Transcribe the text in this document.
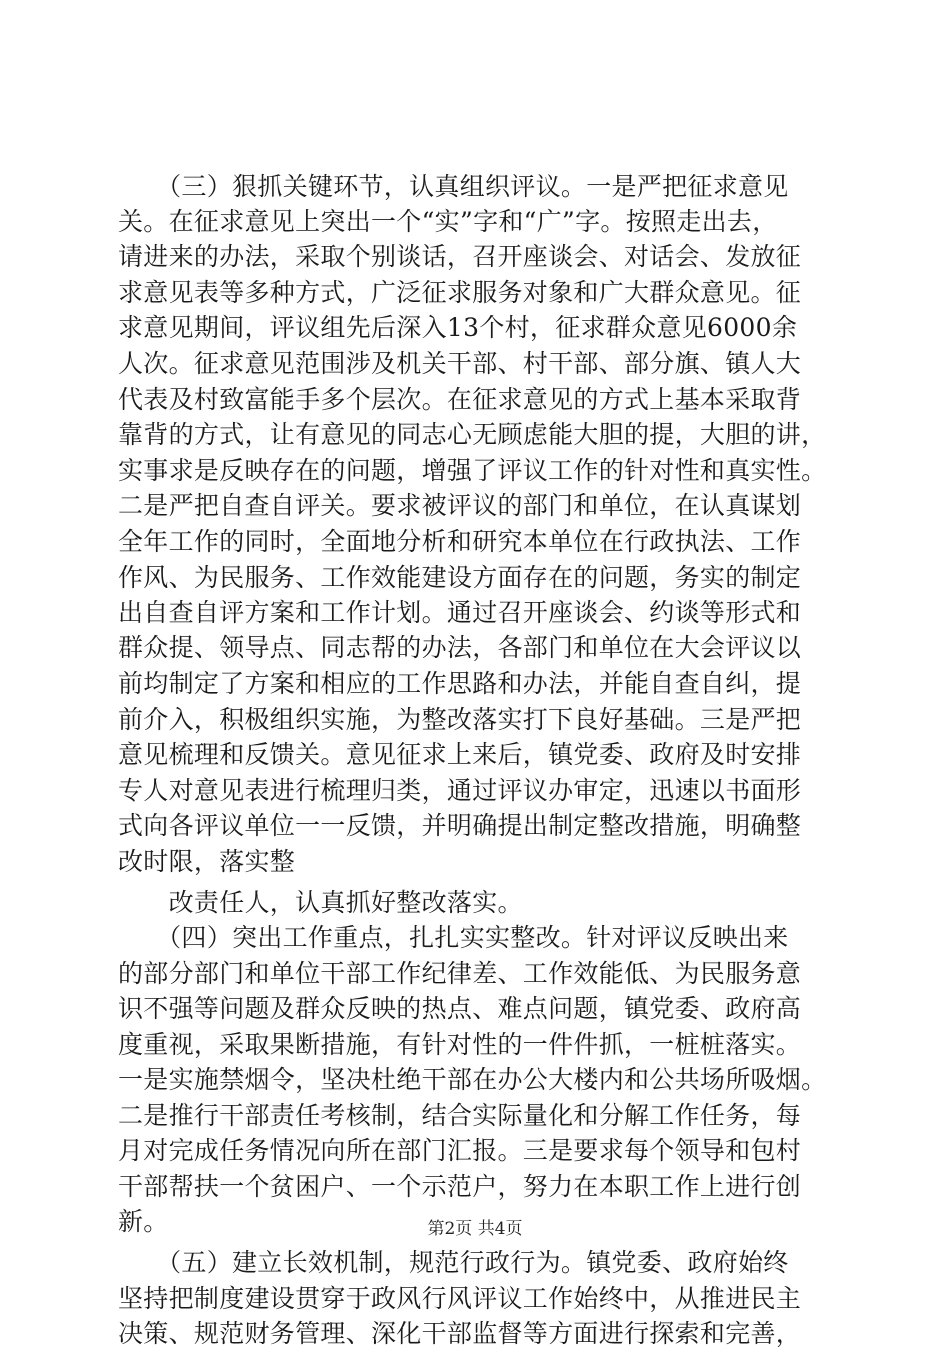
　　（三）狠抓关键环节，认真组织评议。一是严把征求意见
关。在征求意见上突出一个“实”字和“广”字。按照走出去，
请进来的办法，采取个别谈话，召开座谈会、对话会、发放征
求意见表等多种方式，广泛征求服务对象和广大群众意见。征
求意见期间，评议组先后深入13个村，征求群众意见6000余
人次。征求意见范围涉及机关干部、村干部、部分旗、镇人大
代表及村致富能手多个层次。在征求意见的方式上基本采取背
靠背的方式，让有意见的同志心无顾虑能大胆的提，大胆的讲，
实事求是反映存在的问题，增强了评议工作的针对性和真实性。
二是严把自查自评关。要求被评议的部门和单位，在认真谋划
全年工作的同时，全面地分析和研究本单位在行政执法、工作
作风、为民服务、工作效能建设方面存在的问题，务实的制定
出自查自评方案和工作计划。通过召开座谈会、约谈等形式和
群众提、领导点、同志帮的办法，各部门和单位在大会评议以
前均制定了方案和相应的工作思路和办法，并能自查自纠，提
前介入，积极组织实施，为整改落实打下良好基础。三是严把
意见梳理和反馈关。意见征求上来后，镇党委、政府及时安排
专人对意见表进行梳理归类，通过评议办审定，迅速以书面形
式向各评议单位一一反馈，并明确提出制定整改措施，明确整
改时限，落实整
　　改责任人，认真抓好整改落实。
　　（四）突出工作重点，扎扎实实整改。针对评议反映出来
的部分部门和单位干部工作纪律差、工作效能低、为民服务意
识不强等问题及群众反映的热点、难点问题，镇党委、政府高
度重视，采取果断措施，有针对性的一件件抓，一桩桩落实。
一是实施禁烟令，坚决杜绝干部在办公大楼内和公共场所吸烟。
二是推行干部责任考核制，结合实际量化和分解工作任务，每
月对完成任务情况向所在部门汇报。三是要求每个领导和包村
干部帮扶一个贫困户、一个示范户，努力在本职工作上进行创
新。
　　（五）建立长效机制，规范行政行为。镇党委、政府始终
坚持把制度建设贯穿于政风行风评议工作始终中，从推进民主
决策、规范财务管理、深化干部监督等方面进行探索和完善，
第2页 共4页
